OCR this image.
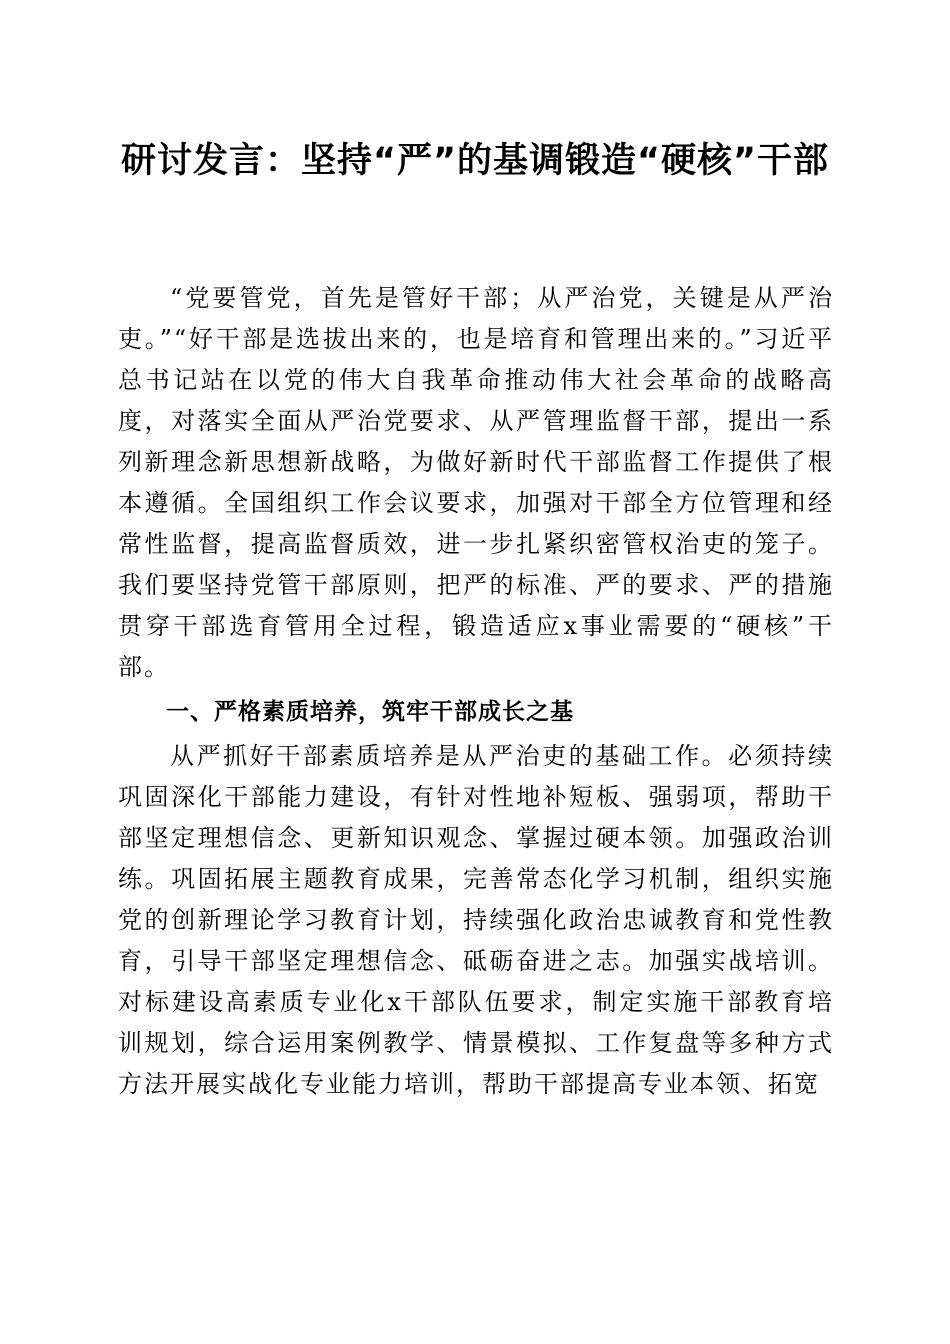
研讨发言：坚持“严”的基调锻造“硬核”干部

“党要管党，首先是管好干部；从严治党，关键是从严治吏。”“好干部是选拔出来的，也是培育和管理出来的。”习近平总书记站在以党的伟大自我革命推动伟大社会革命的战略高度，对落实全面从严治党要求、从严管理监督干部，提出一系列新理念新思想新战略，为做好新时代干部监督工作提供了根本遵循。全国组织工作会议要求，加强对干部全方位管理和经常性监督，提高监督质效，进一步扎紧织密管权治吏的笼子。我们要坚持党管干部原则，把严的标准、严的要求、严的措施贯穿干部选育管用全过程，锻造适应x事业需要的“硬核”干部。

一、严格素质培养，筑牢干部成长之基

从严抓好干部素质培养是从严治吏的基础工作。必须持续巩固深化干部能力建设，有针对性地补短板、强弱项，帮助干部坚定理想信念、更新知识观念、掌握过硬本领。加强政治训练。巩固拓展主题教育成果，完善常态化学习机制，组织实施党的创新理论学习教育计划，持续强化政治忠诚教育和党性教育，引导干部坚定理想信念、砥砺奋进之志。加强实战培训。对标建设高素质专业化x干部队伍要求，制定实施干部教育培训规划，综合运用案例教学、情景模拟、工作复盘等多种方式方法开展实战化专业能力培训，帮助干部提高专业本领、拓宽
